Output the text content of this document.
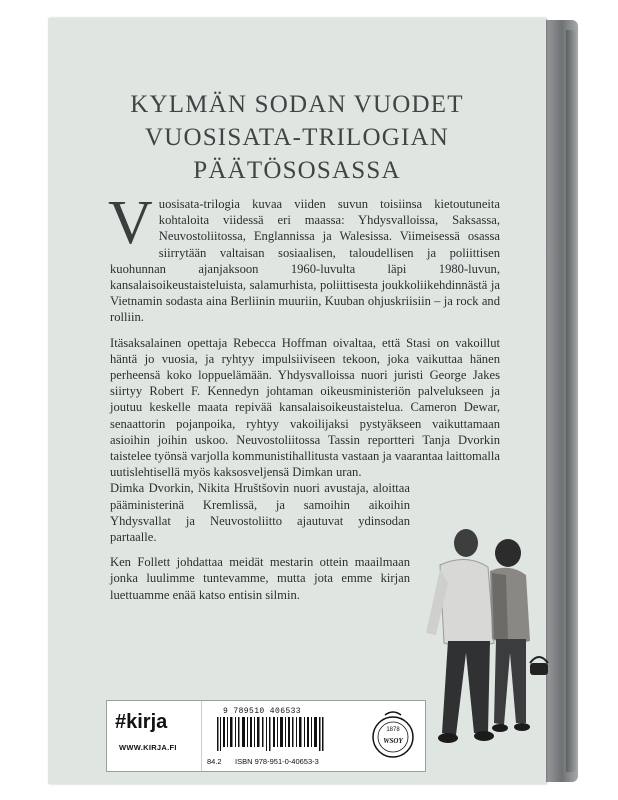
KYLMÄN SODAN VUODET
VUOSISATA-TRILOGIAN
PÄÄTÖSOSASSA

Vuosisata-trilogia kuvaa viiden suvun toisiinsa kietoutuneita kohtaloita viidessä eri maassa: Yhdysvalloissa, Saksassa, Neuvostoliitossa, Englannissa ja Walesissa. Viimeisessä osassa siirrytään valtaisan sosiaalisen, taloudellisen ja poliittisen kuohunnan ajanjaksoon 1960-luvulta läpi 1980-luvun, kansalaisoikeustaisteluista, salamurhista, poliittisesta joukkoliikehdinnästä ja Vietnamin sodasta aina Berliinin muuriin, Kuuban ohjuskriisiin – ja rock and rolliin.

Itäsaksalainen opettaja Rebecca Hoffman oivaltaa, että Stasi on vakoillut häntä jo vuosia, ja ryhtyy impulsiiviseen tekoon, joka vaikuttaa hänen perheensä koko loppuelämään. Yhdysvalloissa nuori juristi George Jakes siirtyy Robert F. Kennedyn johtaman oikeusministeriön palvelukseen ja joutuu keskelle maata repivää kansalaisoikeustaistelua. Cameron Dewar, senaattorin pojanpoika, ryhtyy vakoilijaksi pystyäkseen vaikuttamaan asioihin joihin uskoo. Neuvostoliitossa Tassin reportteri Tanja Dvorkin taistelee työnsä varjolla kommunistihallitusta vastaan ja vaarantaa laittomalla uutislehtisellä myös kaksosveljensä Dimkan uran.

Dimka Dvorkin, Nikita Hruštšovin nuori avustaja, aloittaa pääministerinä Kremlissä, ja samoihin aikoihin Yhdysvallat ja Neuvostoliitto ajautuvat ydinsodan partaalle.

Ken Follett johdattaa meidät mestarin ottein maailmaan jonka luulimme tuntevamme, mutta jota emme kirjan luettuamme enää katso entisin silmin.

#kirja
WWW.KIRJA.FI
9 789510 406533
84.2 ISBN 978-951-0-40653-3
1878
WSOY
